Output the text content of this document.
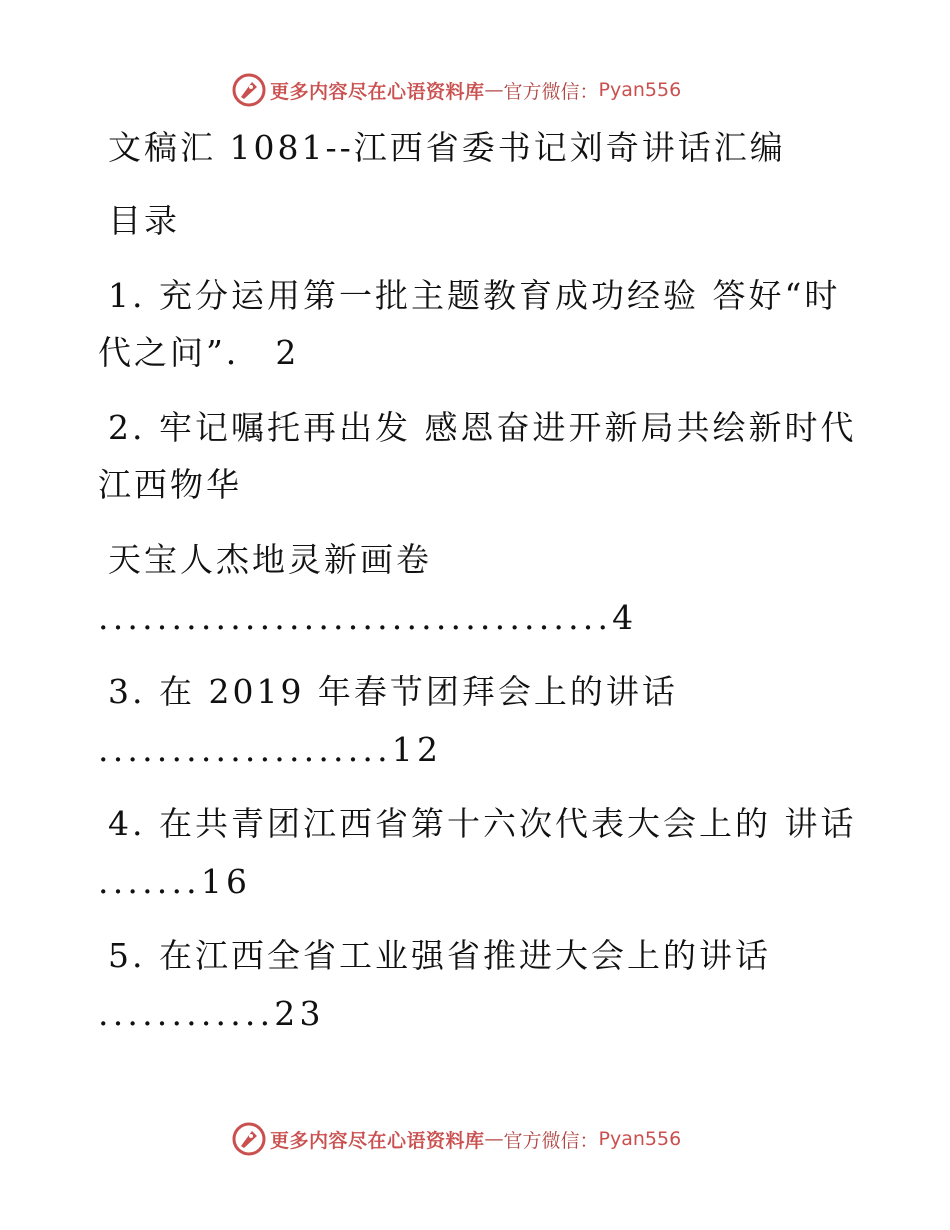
更多内容尽在心语资料库 — 官方微信： Pyan556
文稿汇 1081--江西省委书记刘奇讲话汇编
目录
1. 充分运用第一批主题教育成功经验 答好“时
代之问”． 2
2. 牢记嘱托再出发 感恩奋进开新局共绘新时代
江西物华
天宝人杰地灵新画卷
...................................4
3. 在 2019 年春节团拜会上的讲话
....................12
4. 在共青团江西省第十六次代表大会上的 讲话
.......16
5. 在江西全省工业强省推进大会上的讲话
............23
更多内容尽在心语资料库 — 官方微信： Pyan556
